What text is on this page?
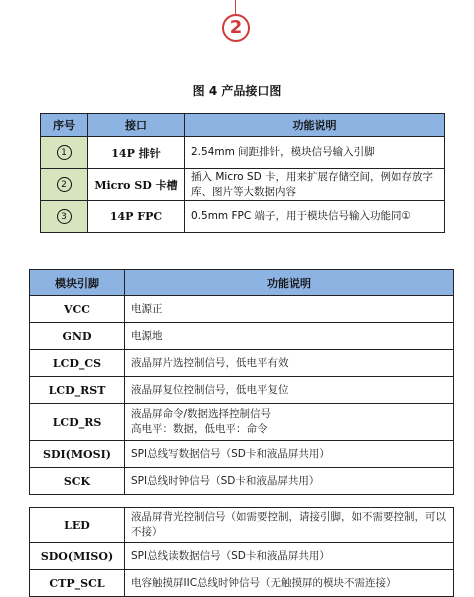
2
图 4 产品接口图
序号	接口	功能说明
1	14P 排针	2.54mm 间距排针，模块信号输入引脚
2	Micro SD 卡槽	插入 Micro SD 卡，用来扩展存储空间，例如存放字库、图片等大数据内容
3	14P FPC	0.5mm FPC 端子，用于模块信号输入功能同①
模块引脚	功能说明
VCC	电源正
GND	电源地
LCD_CS	液晶屏片选控制信号，低电平有效
LCD_RST	液晶屏复位控制信号，低电平复位
LCD_RS	液晶屏命令/数据选择控制信号
高电平：数据，低电平：命令

SDI(MOSI)	SPI总线写数据信号（SD卡和液晶屏共用）
SCK	SPI总线时钟信号（SD卡和液晶屏共用）
LED	液晶屏背光控制信号（如需要控制，请接引脚，如不需要控制，可以不接）
SDO(MISO)	SPI总线读数据信号（SD卡和液晶屏共用）
CTP_SCL	电容触摸屏IIC总线时钟信号（无触摸屏的模块不需连接）
